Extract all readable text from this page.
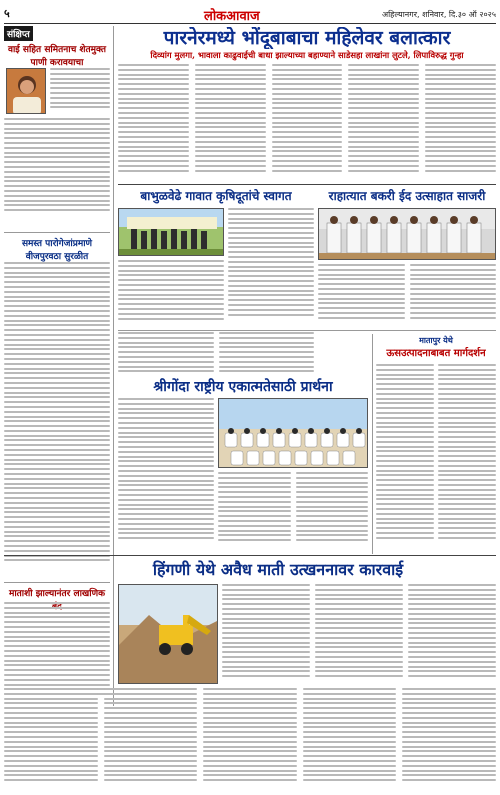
५	लोकआवाज	अहिल्यानगर, शनिवार, दि.३० ऑ २०२५
संक्षिप्त
वाई सहित समितनाच शेतमुक्त पाणी करावयाचा
समस्त पारोगेजांप्रमाणे वीजपुरवठा सुरळीत
माताशी झाल्यानंतर लाखणिक
पारनेरमध्ये भोंदूबाबाचा महिलेवर बलात्कार
दिव्यांग मुलगा, भावाला काढुवाईची बाधा झाल्याच्या बहाण्याने साडेसहा लाखांना लुटले, लिपाविरुद्ध गुन्हा
बाभुळवेढे गावात कृषिदूतांचे स्वागत	राहात्यात बकरी ईद उत्साहात साजरी
श्रीगोंदा राष्ट्रीय एकात्मतेसाठी प्रार्थना
मातापुर येथे
ऊसउत्पादनाबाबत मार्गदर्शन
हिंगणी येथे अवैध माती उत्खननावर कारवाई
